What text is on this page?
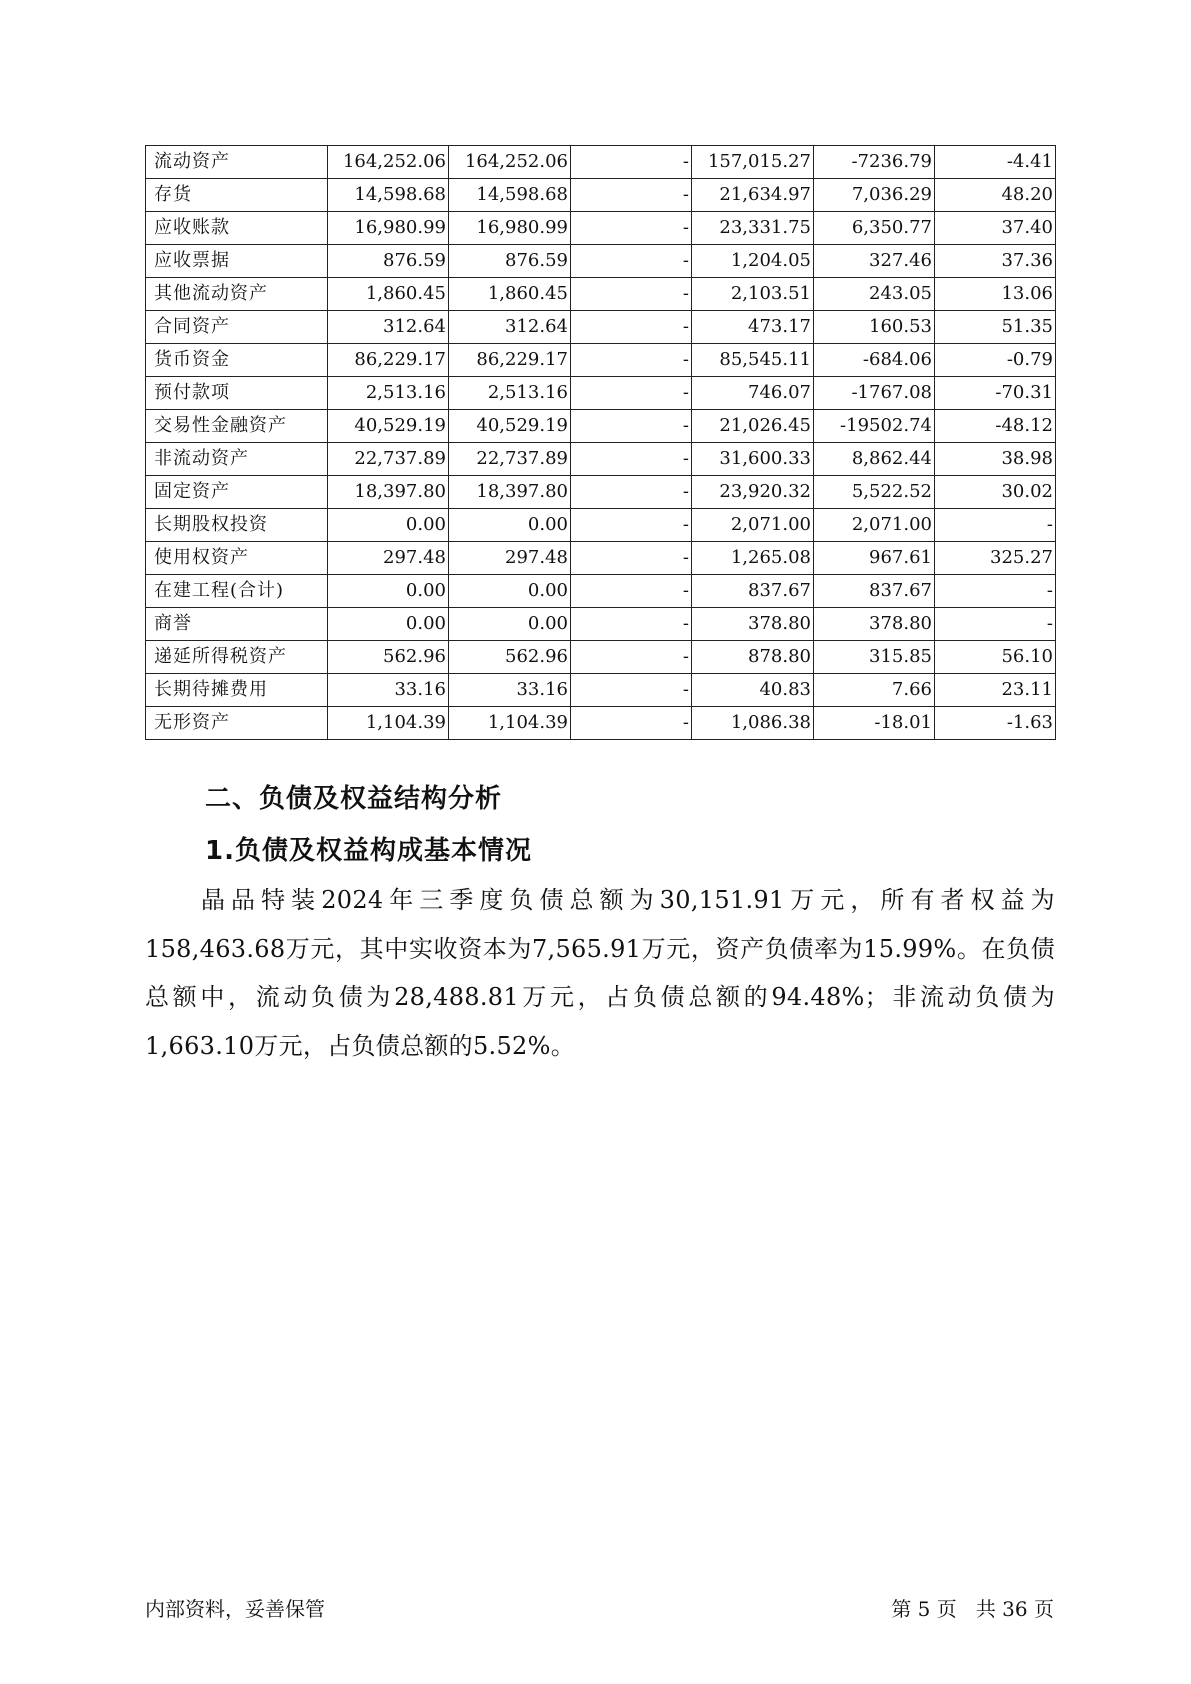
流动资产	164,252.06	164,252.06	-	157,015.27	-7236.79	-4.41
存货	14,598.68	14,598.68	-	21,634.97	7,036.29	48.20
应收账款	16,980.99	16,980.99	-	23,331.75	6,350.77	37.40
应收票据	876.59	876.59	-	1,204.05	327.46	37.36
其他流动资产	1,860.45	1,860.45	-	2,103.51	243.05	13.06
合同资产	312.64	312.64	-	473.17	160.53	51.35
货币资金	86,229.17	86,229.17	-	85,545.11	-684.06	-0.79
预付款项	2,513.16	2,513.16	-	746.07	-1767.08	-70.31
交易性金融资产	40,529.19	40,529.19	-	21,026.45	-19502.74	-48.12
非流动资产	22,737.89	22,737.89	-	31,600.33	8,862.44	38.98
固定资产	18,397.80	18,397.80	-	23,920.32	5,522.52	30.02
长期股权投资	0.00	0.00	-	2,071.00	2,071.00	-
使用权资产	297.48	297.48	-	1,265.08	967.61	325.27
在建工程(合计)	0.00	0.00	-	837.67	837.67	-
商誉	0.00	0.00	-	378.80	378.80	-
递延所得税资产	562.96	562.96	-	878.80	315.85	56.10
长期待摊费用	33.16	33.16	-	40.83	7.66	23.11
无形资产	1,104.39	1,104.39	-	1,086.38	-18.01	-1.63
二、负债及权益结构分析
1.负债及权益构成基本情况

晶品特装2024年三季度负债总额为30,151.91万元，所有者权益为158,463.68万元，其中实收资本为7,565.91万元，资产负债率为15.99%。在负债总额中，流动负债为28,488.81万元，占负债总额的94.48%；非流动负债为1,663.10万元，占负债总额的5.52%。

内部资料，妥善保管	第 5 页   共 36 页
